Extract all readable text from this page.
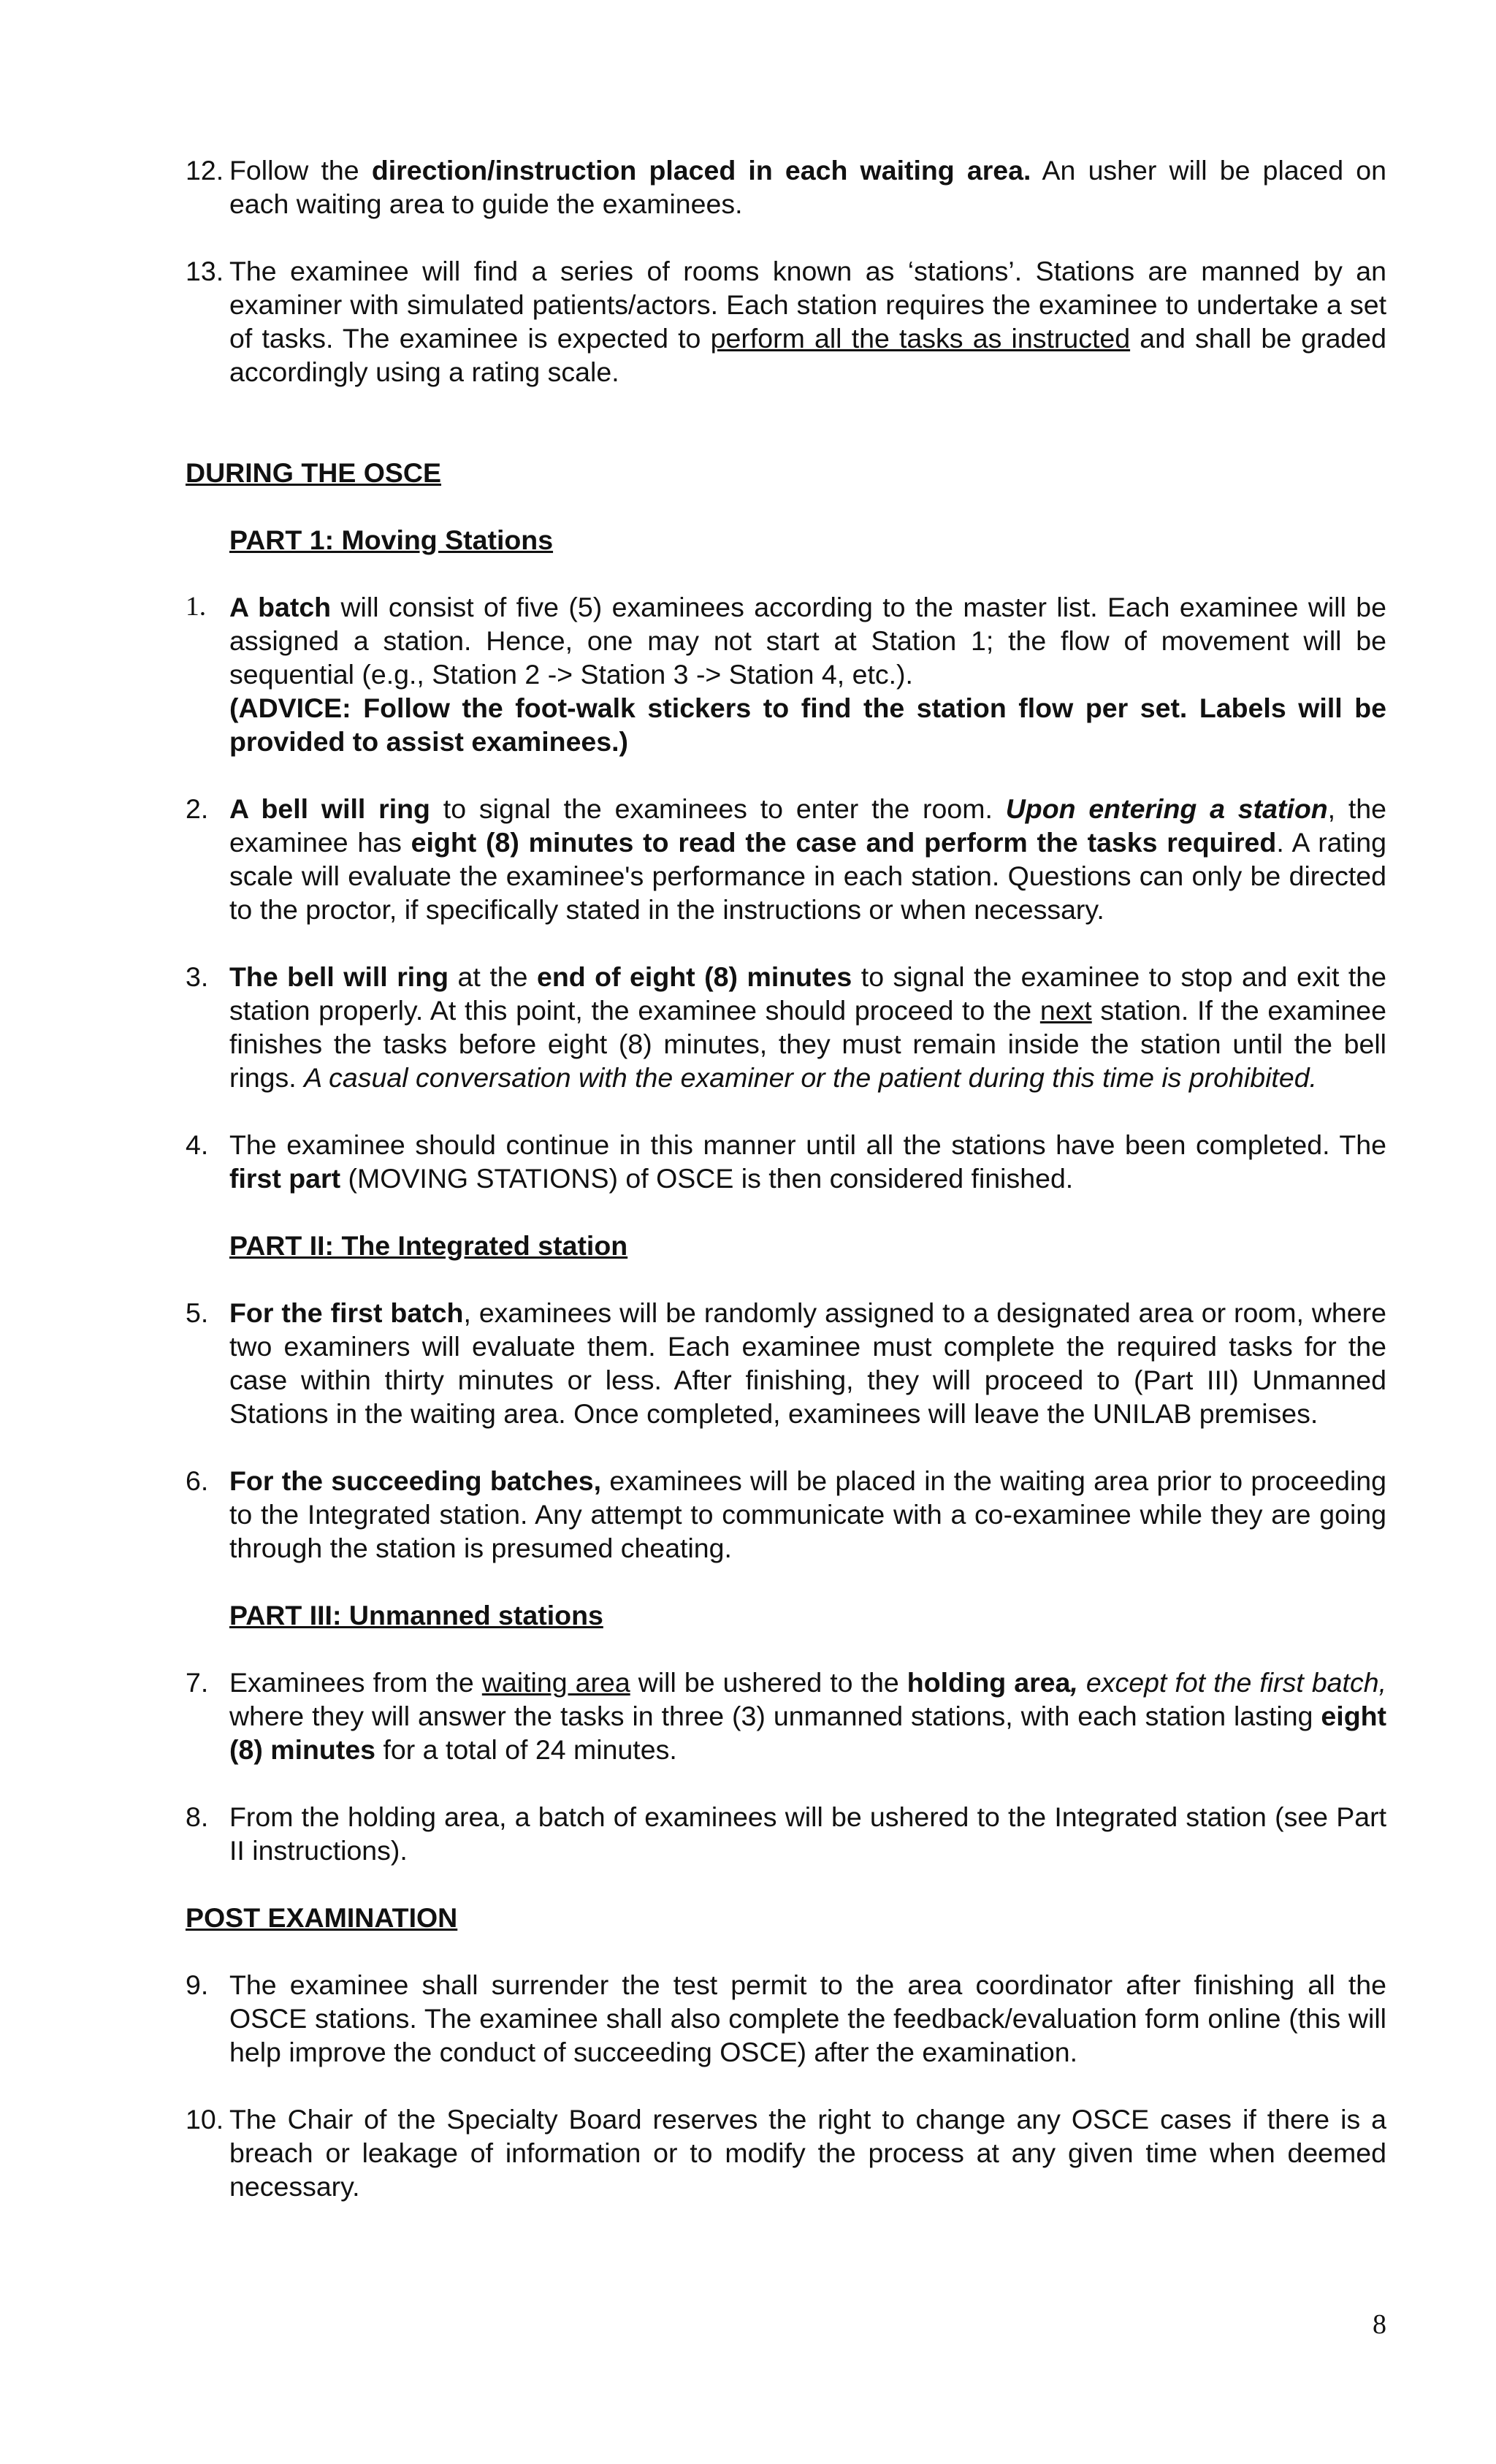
12. Follow the direction/instruction placed in each waiting area. An usher will be placed on each waiting area to guide the examinees.
13. The examinee will find a series of rooms known as ‘stations’. Stations are manned by an examiner with simulated patients/actors. Each station requires the examinee to undertake a set of tasks. The examinee is expected to perform all the tasks as instructed and shall be graded accordingly using a rating scale.
DURING THE OSCE
PART 1: Moving Stations
1. A batch will consist of five (5) examinees according to the master list. Each examinee will be assigned a station. Hence, one may not start at Station 1; the flow of movement will be sequential (e.g., Station 2 -> Station 3 -> Station 4, etc.).
(ADVICE: Follow the foot-walk stickers to find the station flow per set. Labels will be provided to assist examinees.)
2. A bell will ring to signal the examinees to enter the room. Upon entering a station, the examinee has eight (8) minutes to read the case and perform the tasks required. A rating scale will evaluate the examinee's performance in each station. Questions can only be directed to the proctor, if specifically stated in the instructions or when necessary.
3. The bell will ring at the end of eight (8) minutes to signal the examinee to stop and exit the station properly. At this point, the examinee should proceed to the next station. If the examinee finishes the tasks before eight (8) minutes, they must remain inside the station until the bell rings. A casual conversation with the examiner or the patient during this time is prohibited.
4. The examinee should continue in this manner until all the stations have been completed. The first part (MOVING STATIONS) of OSCE is then considered finished.
PART II: The Integrated station
5. For the first batch, examinees will be randomly assigned to a designated area or room, where two examiners will evaluate them. Each examinee must complete the required tasks for the case within thirty minutes or less. After finishing, they will proceed to (Part III) Unmanned Stations in the waiting area. Once completed, examinees will leave the UNILAB premises.
6. For the succeeding batches, examinees will be placed in the waiting area prior to proceeding to the Integrated station. Any attempt to communicate with a co-examinee while they are going through the station is presumed cheating.
PART III: Unmanned stations
7. Examinees from the waiting area will be ushered to the holding area, except fot the first batch, where they will answer the tasks in three (3) unmanned stations, with each station lasting eight (8) minutes for a total of 24 minutes.
8. From the holding area, a batch of examinees will be ushered to the Integrated station (see Part II instructions).
POST EXAMINATION
9. The examinee shall surrender the test permit to the area coordinator after finishing all the OSCE stations. The examinee shall also complete the feedback/evaluation form online (this will help improve the conduct of succeeding OSCE) after the examination.
10. The Chair of the Specialty Board reserves the right to change any OSCE cases if there is a breach or leakage of information or to modify the process at any given time when deemed necessary.
8
